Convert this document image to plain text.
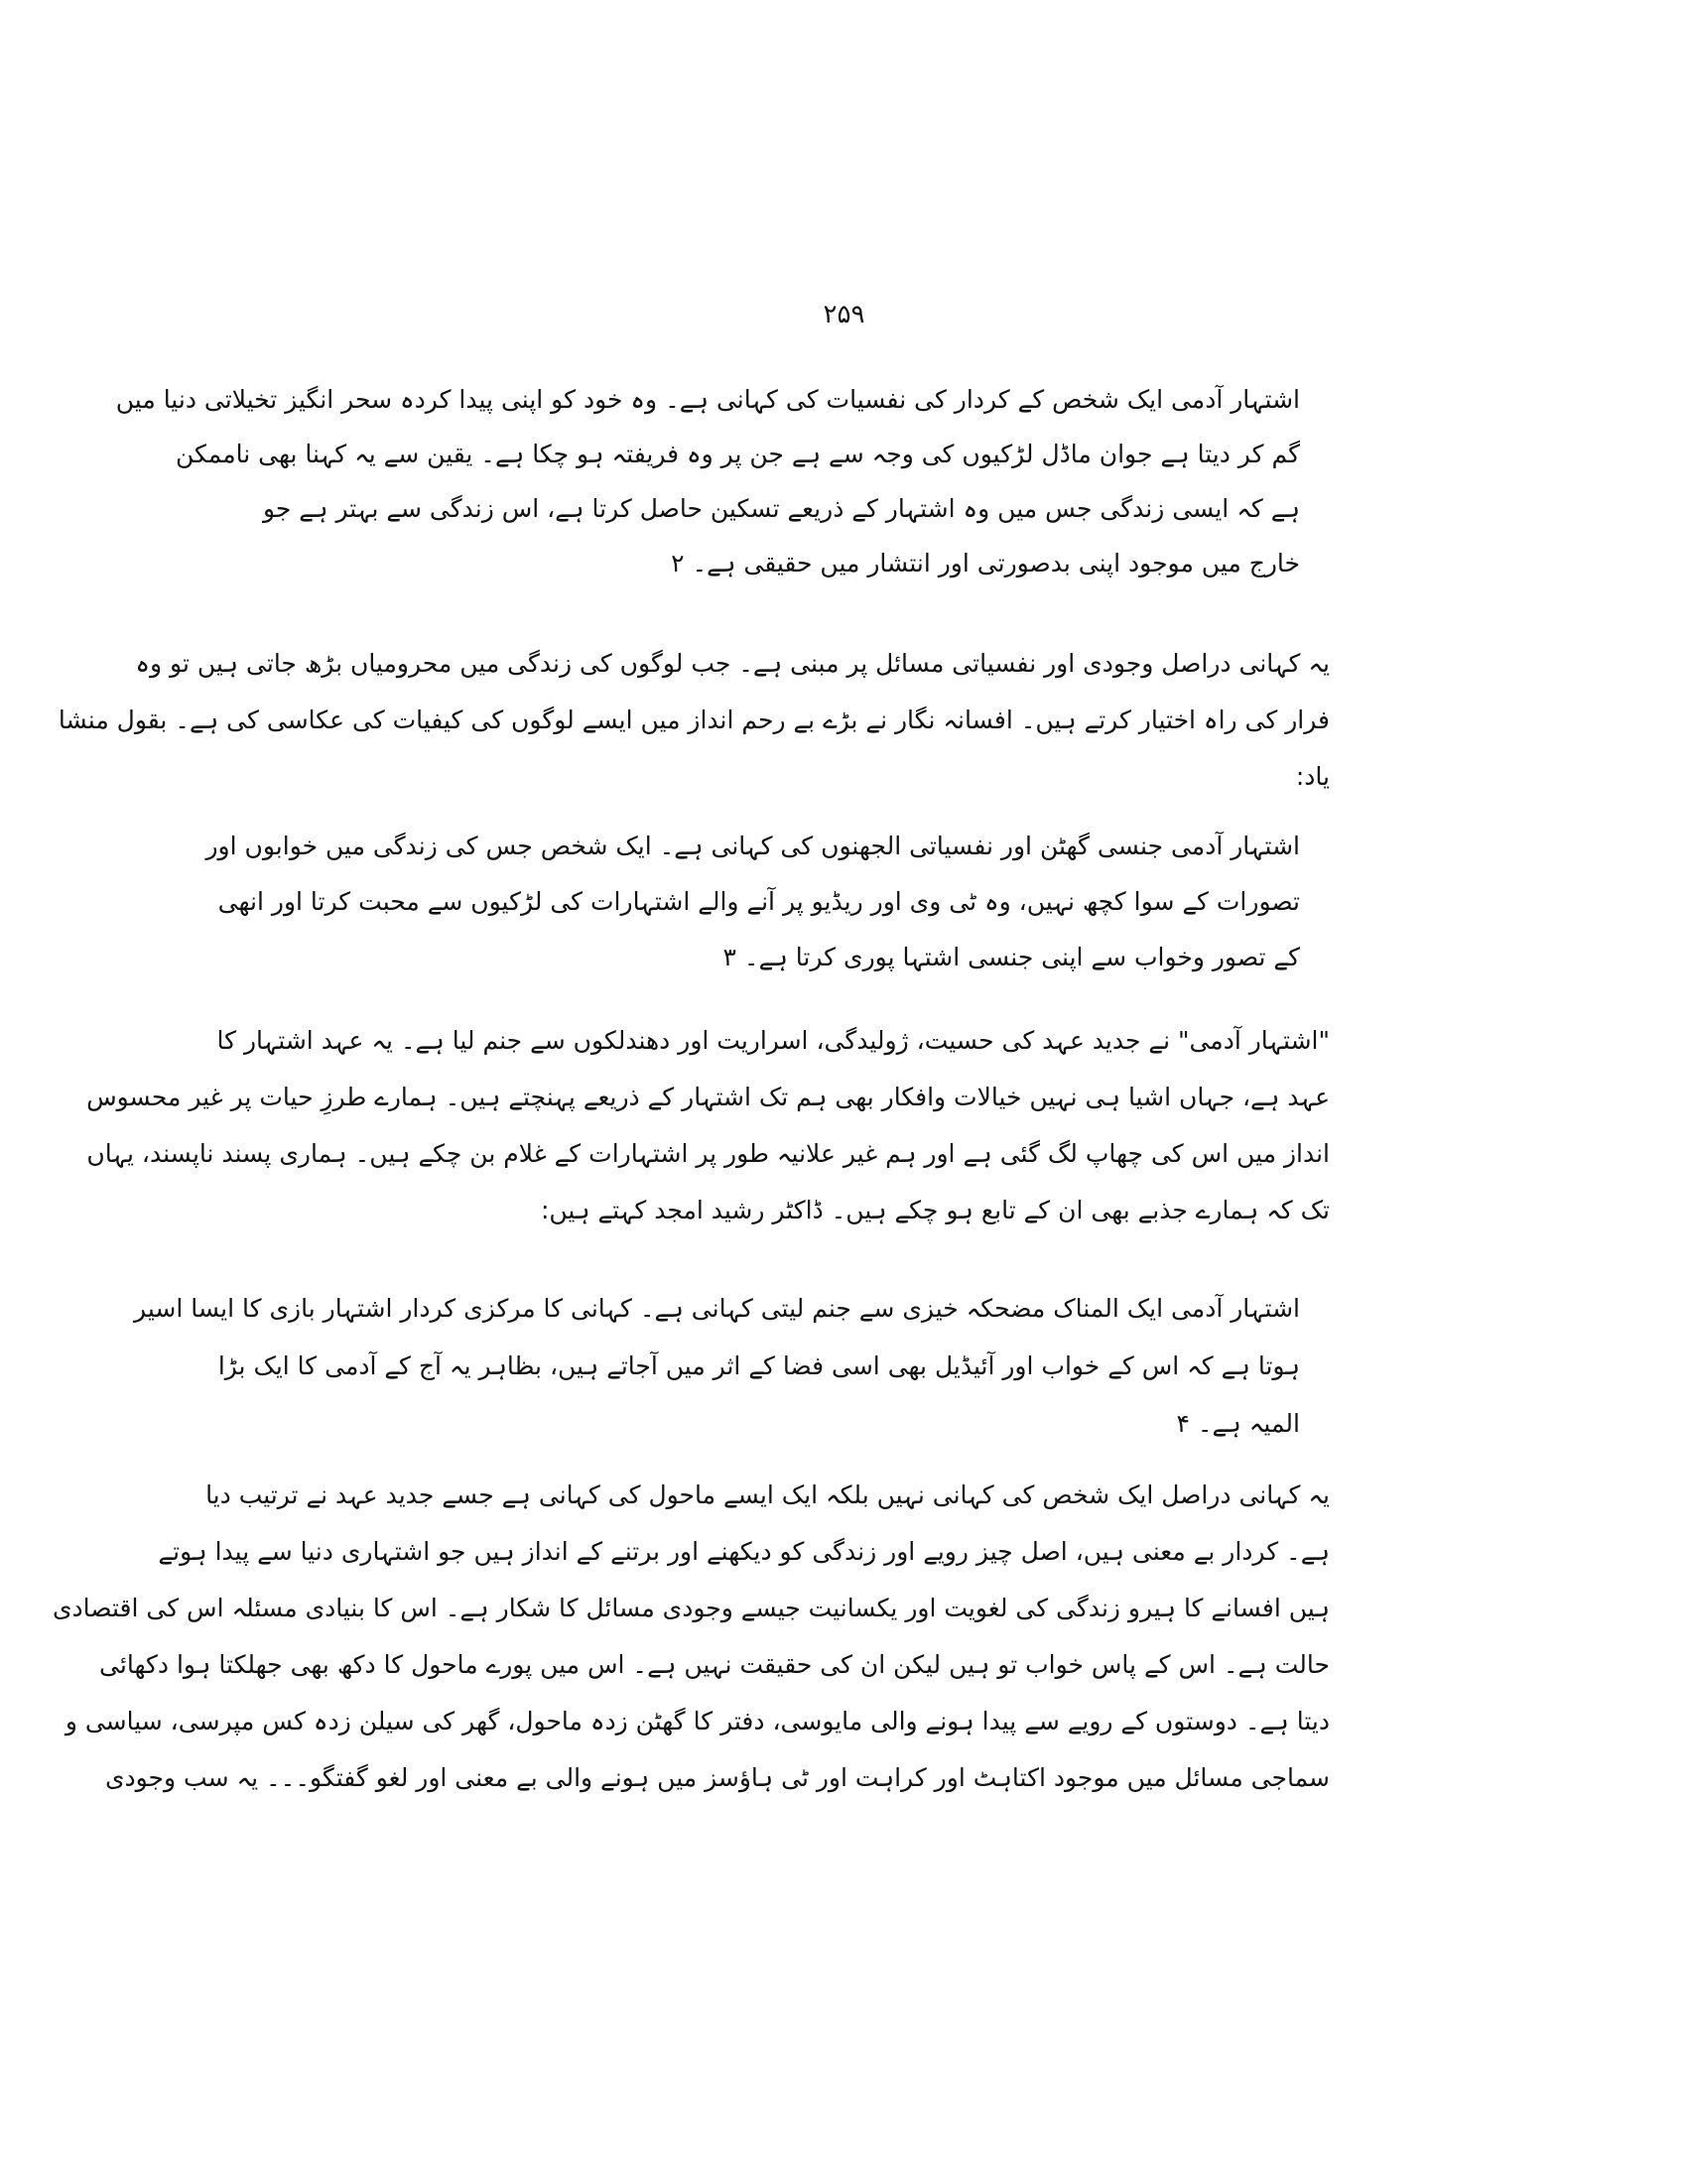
۲۵۹
اشتہار آدمی ایک شخص کے کردار کی نفسیات کی کہانی ہے۔ وہ خود کو اپنی پیدا کردہ سحر انگیز تخیلاتی دنیا میں
گم کر دیتا ہے جوان ماڈل لڑکیوں کی وجہ سے ہے جن پر وہ فریفتہ ہو چکا ہے۔ یقین سے یہ کہنا بھی ناممکن
ہے کہ ایسی زندگی جس میں وہ اشتہار کے ذریعے تسکین حاصل کرتا ہے، اس زندگی سے بہتر ہے جو
خارج میں موجود اپنی بدصورتی اور انتشار میں حقیقی ہے۔ ۲
یہ کہانی دراصل وجودی اور نفسیاتی مسائل پر مبنی ہے۔ جب لوگوں کی زندگی میں محرومیاں بڑھ جاتی ہیں تو وہ
فرار کی راہ اختیار کرتے ہیں۔ افسانہ نگار نے بڑے بے رحم انداز میں ایسے لوگوں کی کیفیات کی عکاسی کی ہے۔ بقول منشا
یاد:
اشتہار آدمی جنسی گھٹن اور نفسیاتی الجھنوں کی کہانی ہے۔ ایک شخص جس کی زندگی میں خوابوں اور
تصورات کے سوا کچھ نہیں، وہ ٹی وی اور ریڈیو پر آنے والے اشتہارات کی لڑکیوں سے محبت کرتا اور انھی
کے تصور وخواب سے اپنی جنسی اشتہا پوری کرتا ہے۔ ۳
"اشتہار آدمی" نے جدید عہد کی حسیت، ژولیدگی، اسراریت اور دھندلکوں سے جنم لیا ہے۔ یہ عہد اشتہار کا
عہد ہے، جہاں اشیا ہی نہیں خیالات وافکار بھی ہم تک اشتہار کے ذریعے پہنچتے ہیں۔ ہمارے طرزِ حیات پر غیر محسوس
انداز میں اس کی چھاپ لگ گئی ہے اور ہم غیر علانیہ طور پر اشتہارات کے غلام بن چکے ہیں۔ ہماری پسند ناپسند، یہاں
تک کہ ہمارے جذبے بھی ان کے تابع ہو چکے ہیں۔ ڈاکٹر رشید امجد کہتے ہیں:
اشتہار آدمی ایک المناک مضحکہ خیزی سے جنم لیتی کہانی ہے۔ کہانی کا مرکزی کردار اشتہار بازی کا ایسا اسیر
ہوتا ہے کہ اس کے خواب اور آئیڈیل بھی اسی فضا کے اثر میں آجاتے ہیں، بظاہر یہ آج کے آدمی کا ایک بڑا
المیہ ہے۔ ۴
یہ کہانی دراصل ایک شخص کی کہانی نہیں بلکہ ایک ایسے ماحول کی کہانی ہے جسے جدید عہد نے ترتیب دیا
ہے۔ کردار بے معنی ہیں، اصل چیز رویے اور زندگی کو دیکھنے اور برتنے کے انداز ہیں جو اشتہاری دنیا سے پیدا ہوتے
ہیں افسانے کا ہیرو زندگی کی لغویت اور یکسانیت جیسے وجودی مسائل کا شکار ہے۔ اس کا بنیادی مسئلہ اس کی اقتصادی
حالت ہے۔ اس کے پاس خواب تو ہیں لیکن ان کی حقیقت نہیں ہے۔ اس میں پورے ماحول کا دکھ بھی جھلکتا ہوا دکھائی
دیتا ہے۔ دوستوں کے رویے سے پیدا ہونے والی مایوسی، دفتر کا گھٹن زدہ ماحول، گھر کی سیلن زدہ کس مپرسی، سیاسی و
سماجی مسائل میں موجود اکتاہٹ اور کراہت اور ٹی ہاؤسز میں ہونے والی بے معنی اور لغو گفتگو۔۔۔ یہ سب وجودی
